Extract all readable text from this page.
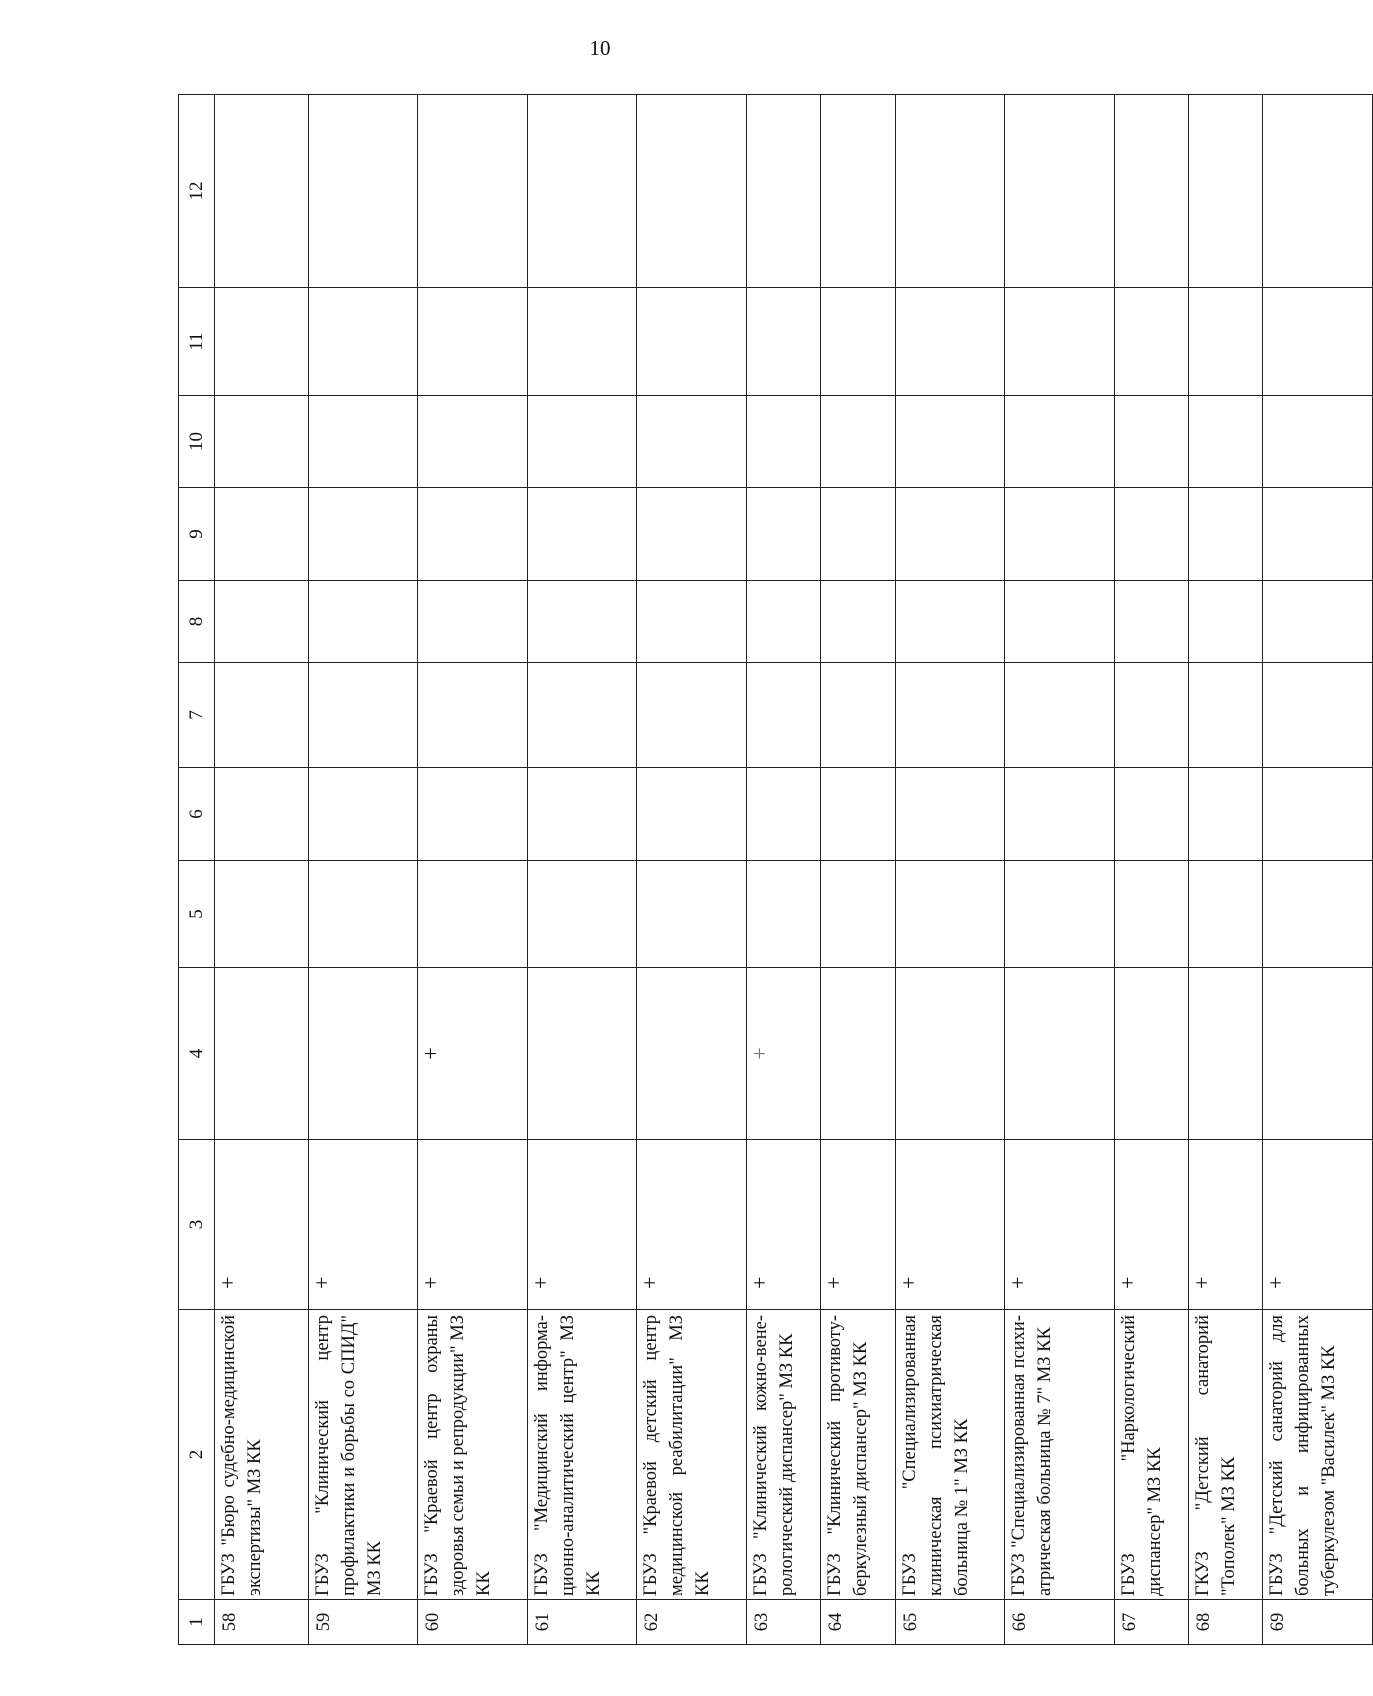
10
1	2	3	4	5	6	7	8	9	10	11	12
58	ГБУЗ "Бюро судебно-медицинской экспертизы" МЗ КК	+									
59	ГБУЗ "Клинический центр профилактики и борьбы со СПИД" МЗ КК	+									
60	ГБУЗ "Краевой центр охраны здоровья семьи и репродукции" МЗ КК	+	+								
61	ГБУЗ "Медицинский информа-ционно-аналитический центр" МЗ КК	+									
62	ГБУЗ "Краевой детский центр медицинской реабилитации" МЗ КК	+									
63	ГБУЗ "Клинический кожно-вене-рологический диспансер" МЗ КК	+	+								
64	ГБУЗ "Клинический противоту-беркулезный диспансер" МЗ КК	+									
65	ГБУЗ "Специализированная клиническая психиатрическая больница № 1" МЗ КК	+									
66	ГБУЗ "Специализированная психи-атрическая больница № 7" МЗ КК	+									
67	ГБУЗ "Наркологический диспансер" МЗ КК	+									
68	ГКУЗ "Детский санаторий "Тополек" МЗ КК	+									
69	ГБУЗ "Детский санаторий для больных и инфицированных туберкулезом "Василек" МЗ КК	+									
